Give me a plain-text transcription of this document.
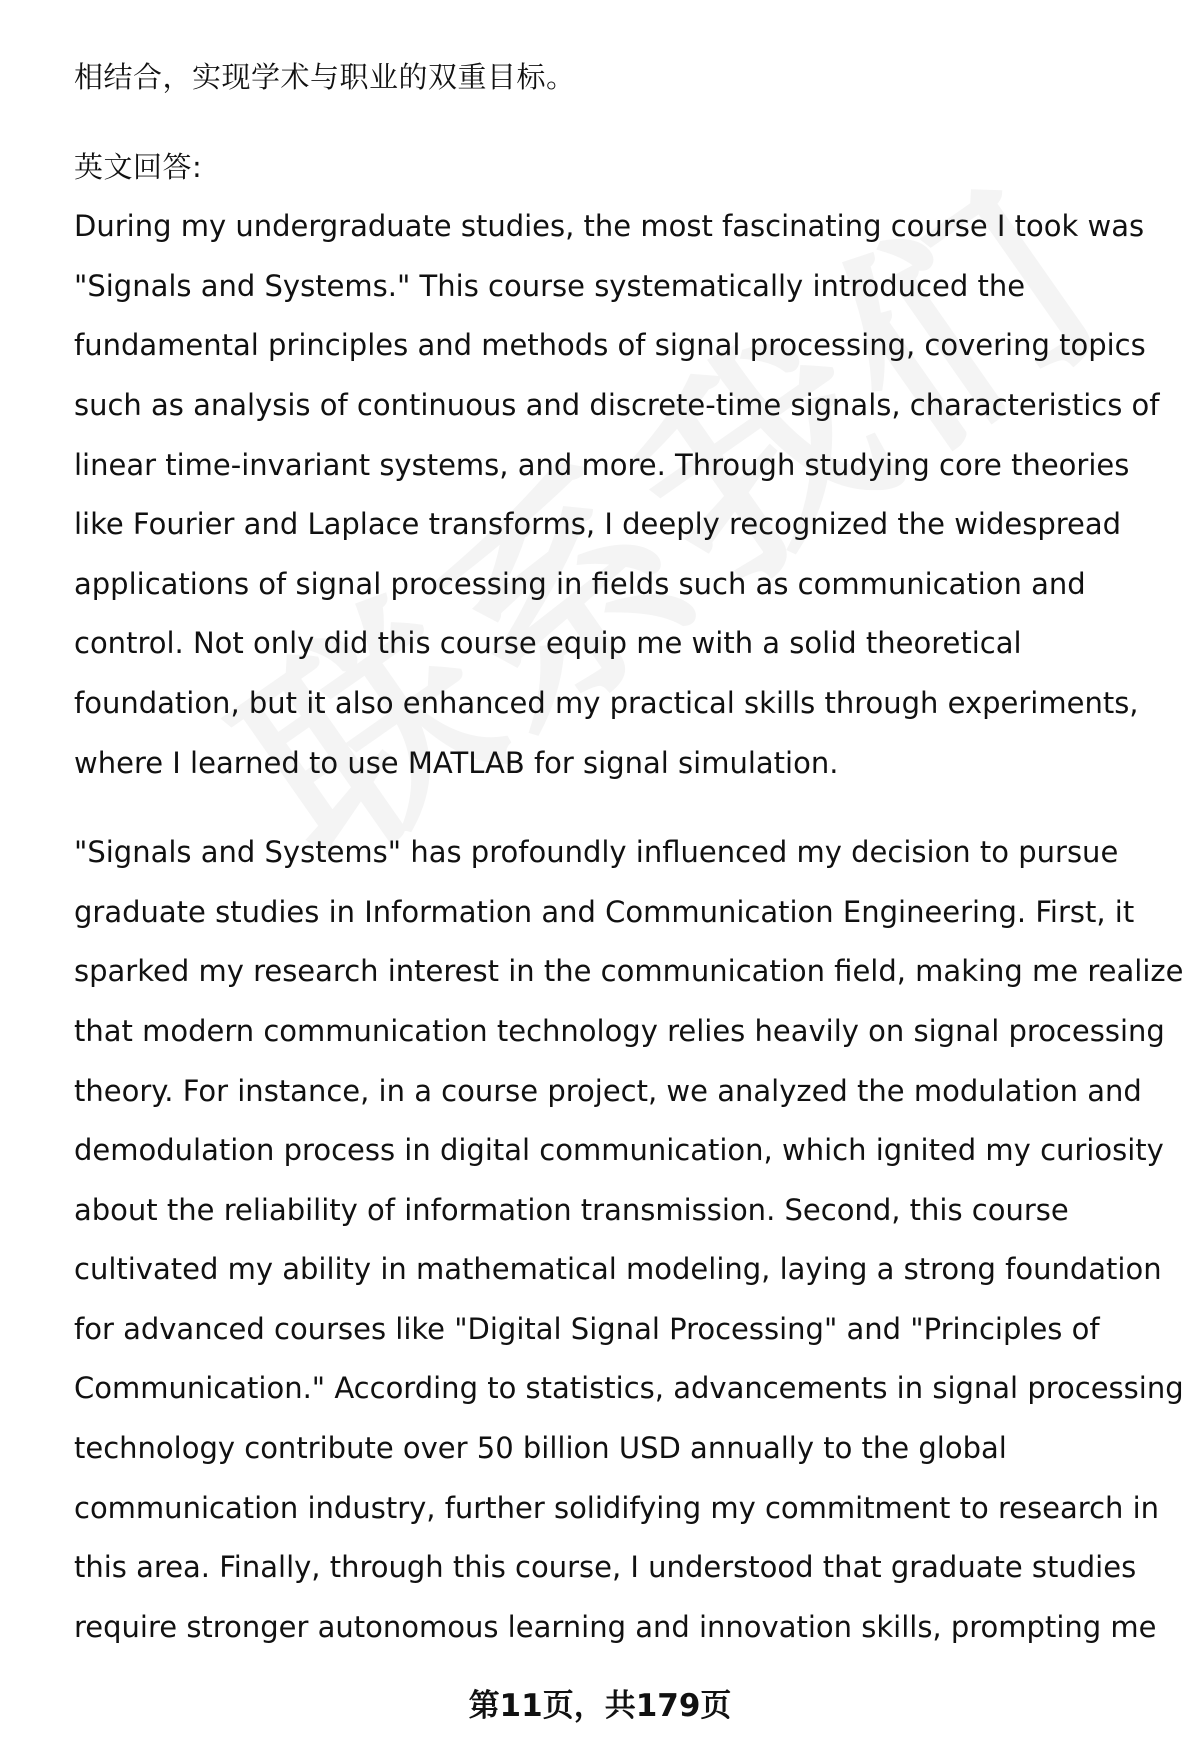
相结合，实现学术与职业的双重目标。
英文回答:
During my undergraduate studies, the most fascinating course I took was
"Signals and Systems." This course systematically introduced the
fundamental principles and methods of signal processing, covering topics
such as analysis of continuous and discrete-time signals, characteristics of
linear time-invariant systems, and more. Through studying core theories
like Fourier and Laplace transforms, I deeply recognized the widespread
applications of signal processing in fields such as communication and
control. Not only did this course equip me with a solid theoretical
foundation, but it also enhanced my practical skills through experiments,
where I learned to use MATLAB for signal simulation.
"Signals and Systems" has profoundly influenced my decision to pursue
graduate studies in Information and Communication Engineering. First, it
sparked my research interest in the communication field, making me realize
that modern communication technology relies heavily on signal processing
theory. For instance, in a course project, we analyzed the modulation and
demodulation process in digital communication, which ignited my curiosity
about the reliability of information transmission. Second, this course
cultivated my ability in mathematical modeling, laying a strong foundation
for advanced courses like "Digital Signal Processing" and "Principles of
Communication." According to statistics, advancements in signal processing
technology contribute over 50 billion USD annually to the global
communication industry, further solidifying my commitment to research in
this area. Finally, through this course, I understood that graduate studies
require stronger autonomous learning and innovation skills, prompting me
第11页，共179页
